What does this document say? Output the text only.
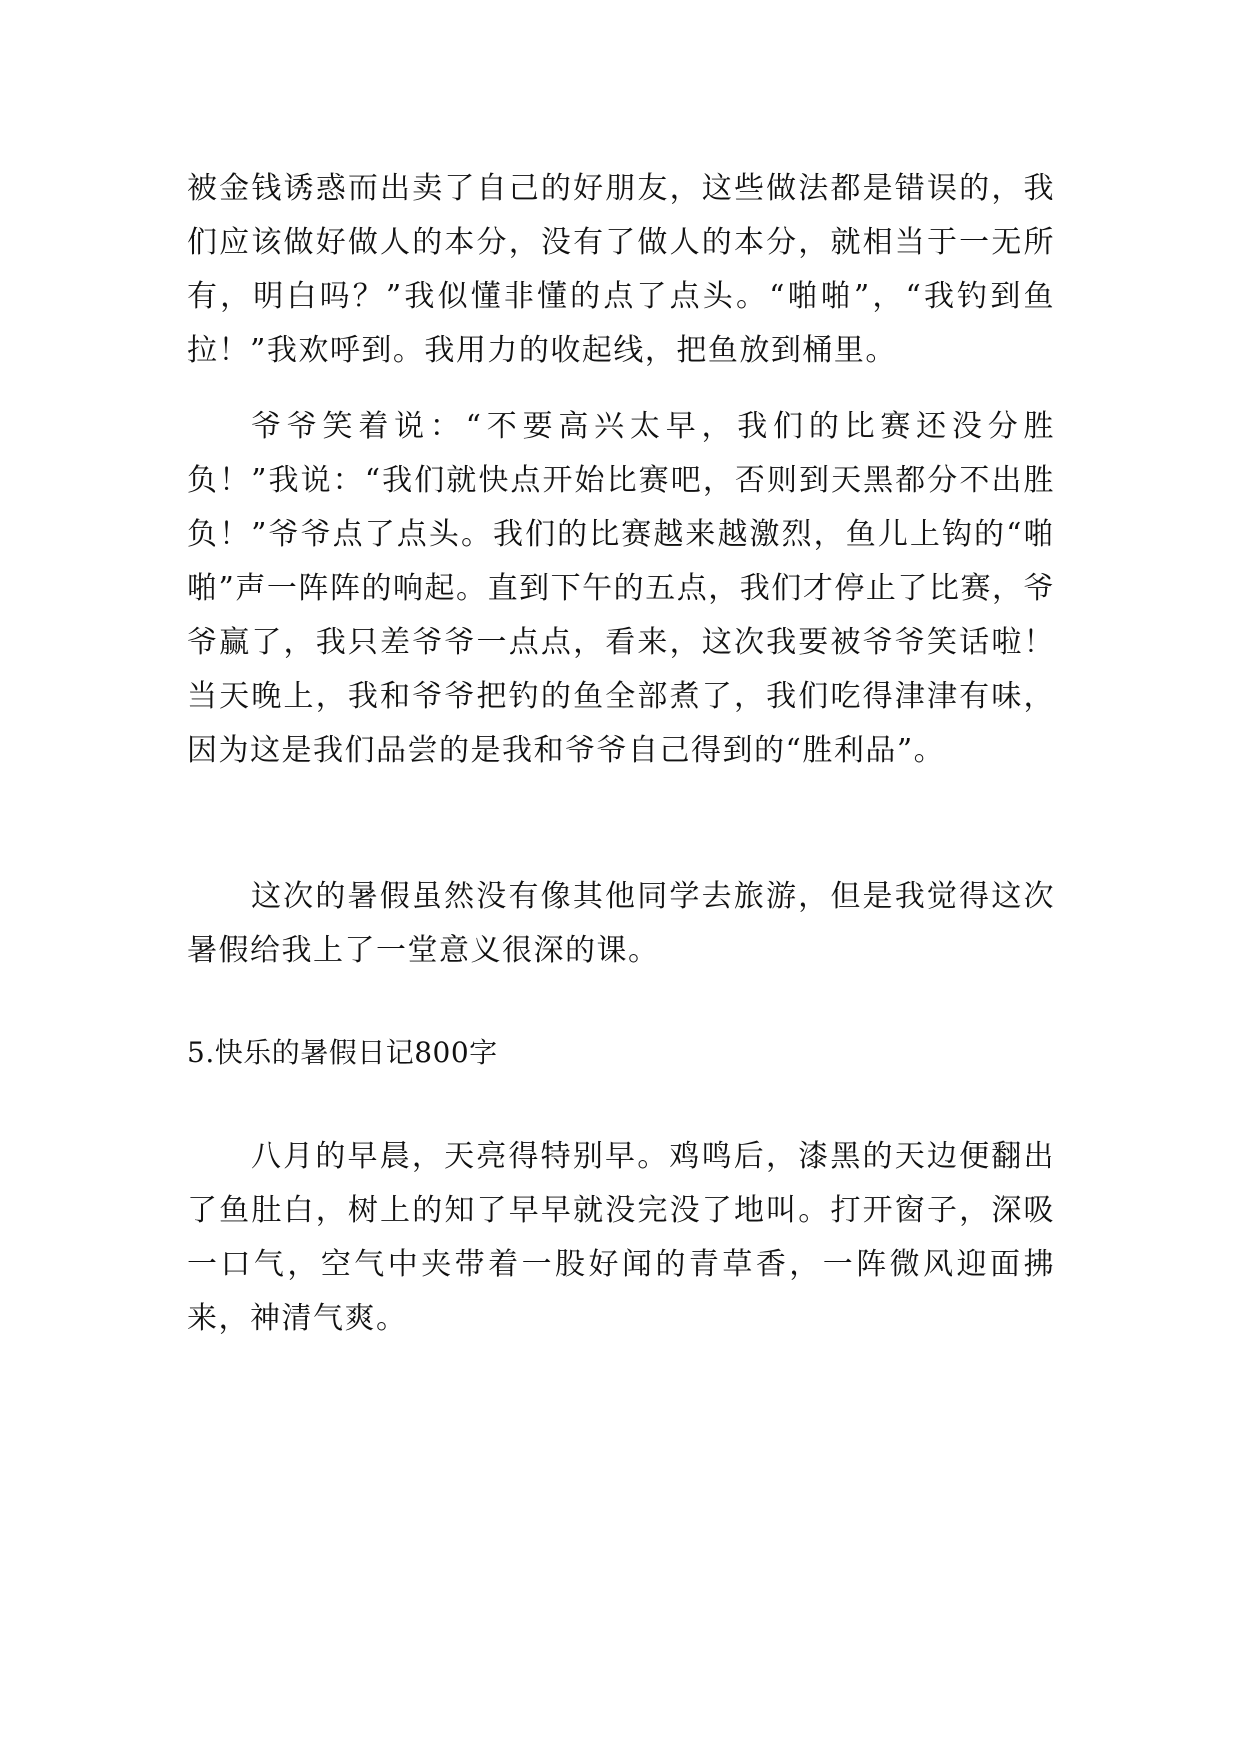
被金钱诱惑而出卖了自己的好朋友，这些做法都是错误的，我们应该做好做人的本分，没有了做人的本分，就相当于一无所有，明白吗？”我似懂非懂的点了点头。“啪啪”，“我钓到鱼拉！”我欢呼到。我用力的收起线，把鱼放到桶里。

爷爷笑着说：“不要高兴太早，我们的比赛还没分胜负！”我说：“我们就快点开始比赛吧，否则到天黑都分不出胜负！”爷爷点了点头。我们的比赛越来越激烈，鱼儿上钩的“啪啪”声一阵阵的响起。直到下午的五点，我们才停止了比赛，爷爷赢了，我只差爷爷一点点，看来，这次我要被爷爷笑话啦！当天晚上，我和爷爷把钓的鱼全部煮了，我们吃得津津有味，因为这是我们品尝的是我和爷爷自己得到的“胜利品”。

这次的暑假虽然没有像其他同学去旅游，但是我觉得这次暑假给我上了一堂意义很深的课。

5.快乐的暑假日记800字

八月的早晨，天亮得特别早。鸡鸣后，漆黑的天边便翻出了鱼肚白，树上的知了早早就没完没了地叫。打开窗子，深吸一口气，空气中夹带着一股好闻的青草香，一阵微风迎面拂来，神清气爽。
